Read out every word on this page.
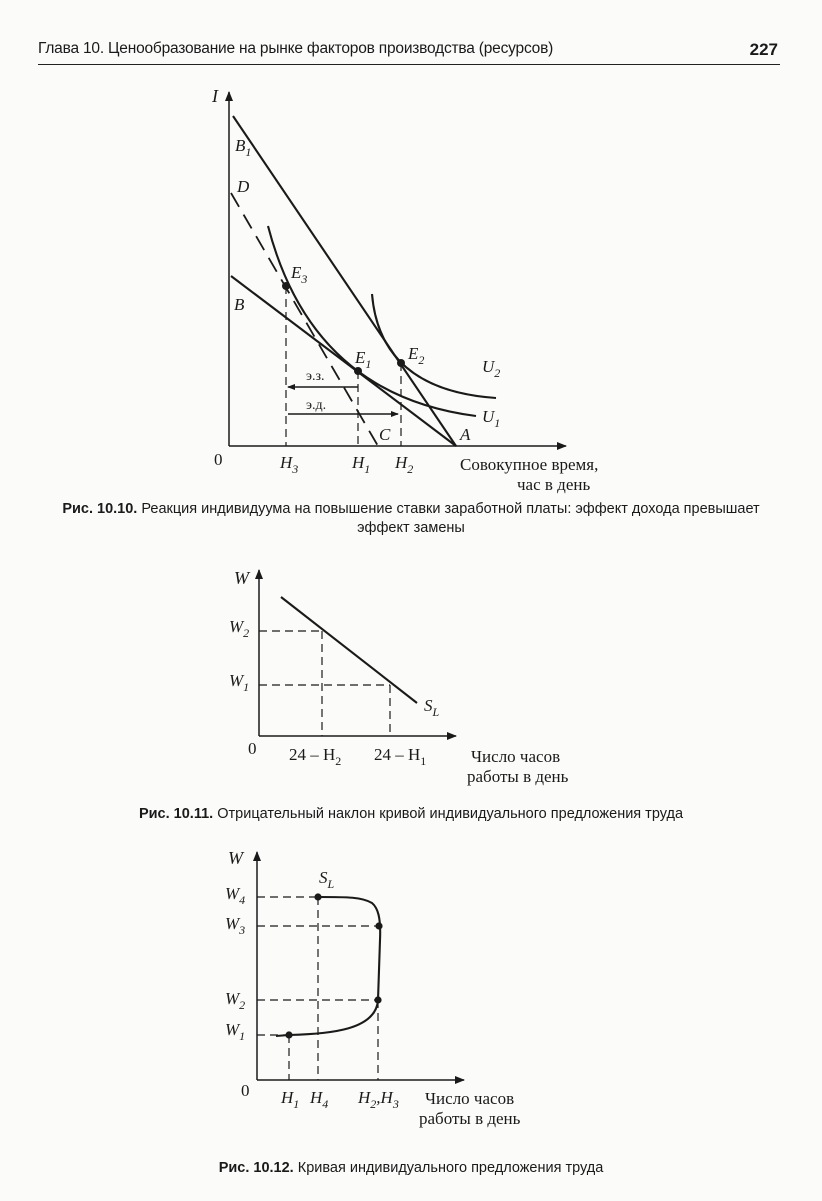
Глава 10. Ценообразование на рынке факторов производства (ресурсов)	227
I
0
$B_1$
D
B
$E_3$
$E_1$
$E_2$	$U_2$
$U_1$
C	A
э.з.
э.д.
$H_3$	$H_1$ $H_2$	Совокупное время,
час в день
W
0
$W_2$
$W_1$
$24 - H_2$ $24 - H_1$
$S_L$
Число часов
работы в день
W
0
$W_4$
$W_3$
$W_2$
$W_1$
$H_1$ $H_4$ $H_2,H_3$
$S_L$
Число часов
работы в день
Рис. 10.10. Реакция индивидуума на повышение ставки заработной платы: эффект дохода превышает эффект замены
Рис. 10.11. Отрицательный наклон кривой индивидуального предложения труда
Рис. 10.12. Кривая индивидуального предложения труда
